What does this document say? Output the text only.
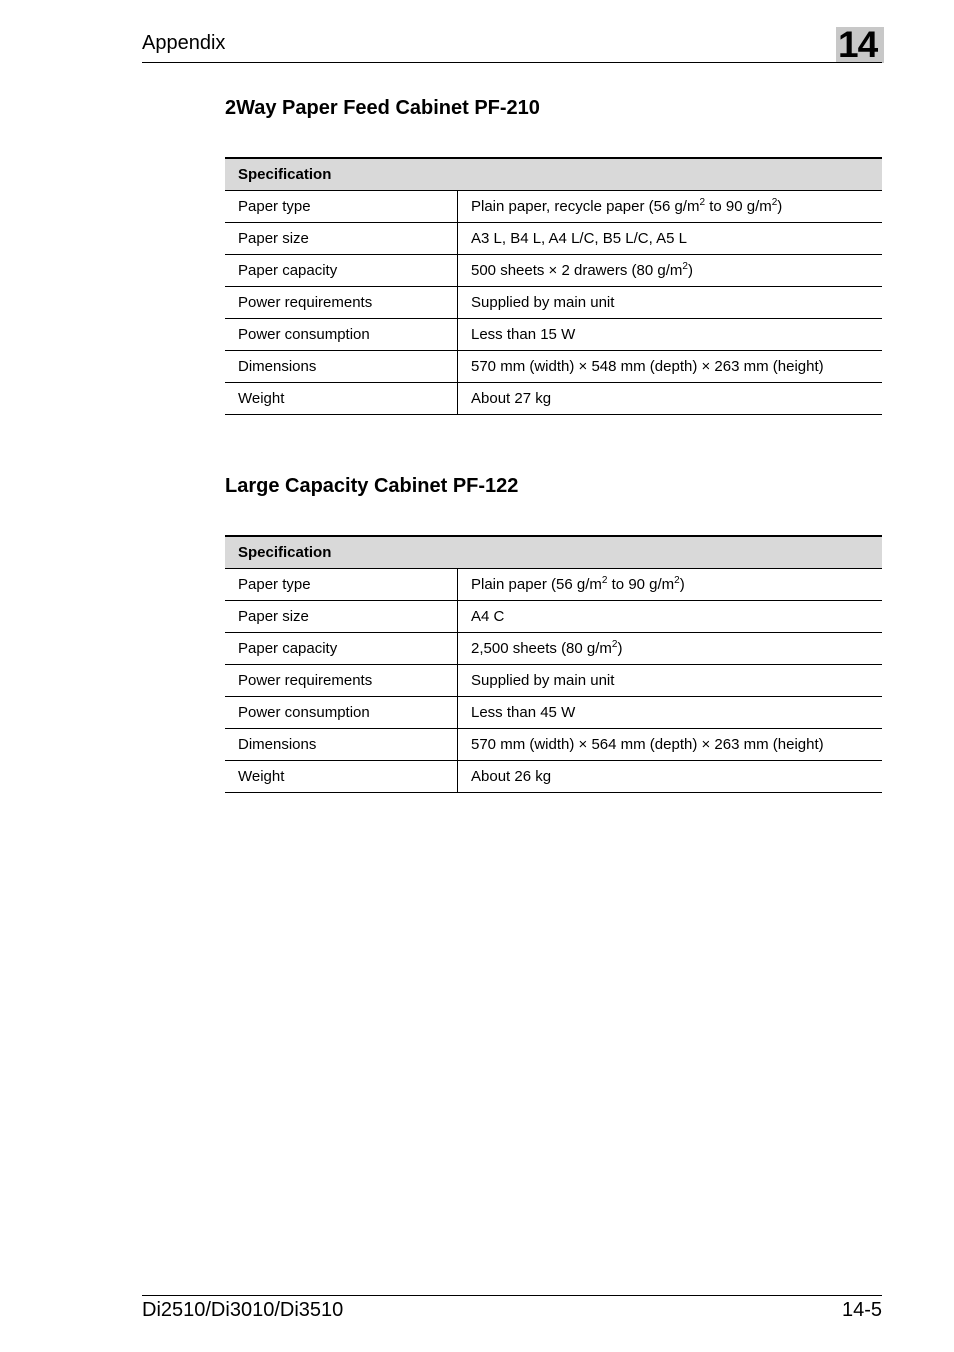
Appendix	14
2Way Paper Feed Cabinet PF-210
Specification	
Paper type	Plain paper, recycle paper (56 $g/m^2$ to 90 $g/m^2$)
Paper size	A3 L, B4 L, A4 L/C, B5 L/C, A5 L
Paper capacity	500 sheets × 2 drawers (80 $g/m^2$)
Power requirements	Supplied by main unit
Power consumption	Less than 15 W
Dimensions	570 mm (width) × 548 mm (depth) × 263 mm (height)
Weight	About 27 kg
Large Capacity Cabinet PF-122
Specification	
Paper type	Plain paper (56 $g/m^2$ to 90 $g/m^2$)
Paper size	A4 C
Paper capacity	2,500 sheets (80 $g/m^2$)
Power requirements	Supplied by main unit
Power consumption	Less than 45 W
Dimensions	570 mm (width) × 564 mm (depth) × 263 mm (height)
Weight	About 26 kg
Di2510/Di3010/Di3510	14-5
